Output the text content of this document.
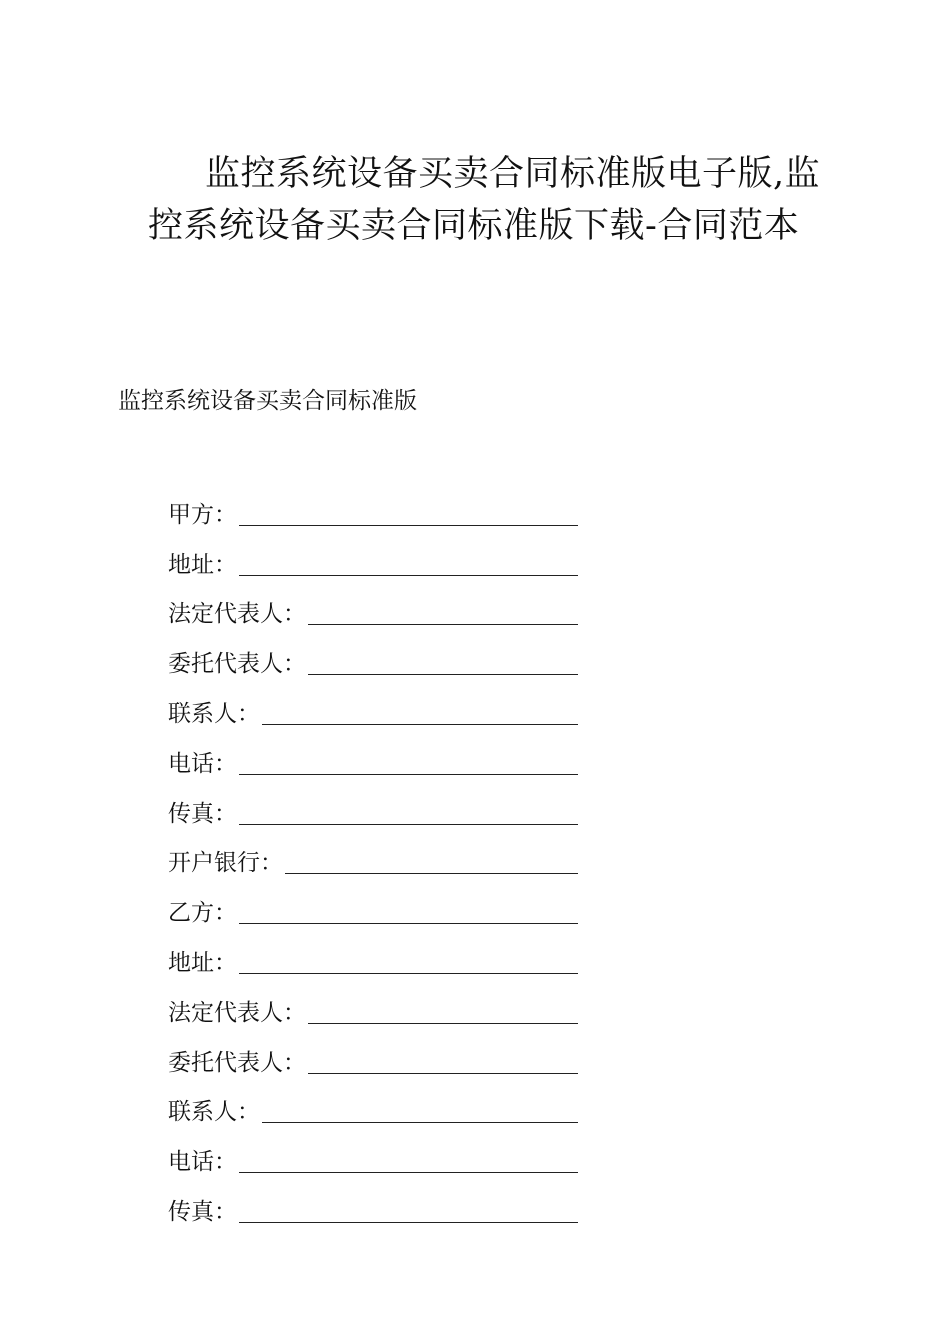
监控系统设备买卖合同标准版电子版,监
控系统设备买卖合同标准版下载-合同范本
监控系统设备买卖合同标准版
甲方：
地址：
法定代表人：
委托代表人：
联系人：
电话：
传真：
开户银行：
乙方：
地址：
法定代表人：
委托代表人：
联系人：
电话：
传真：
